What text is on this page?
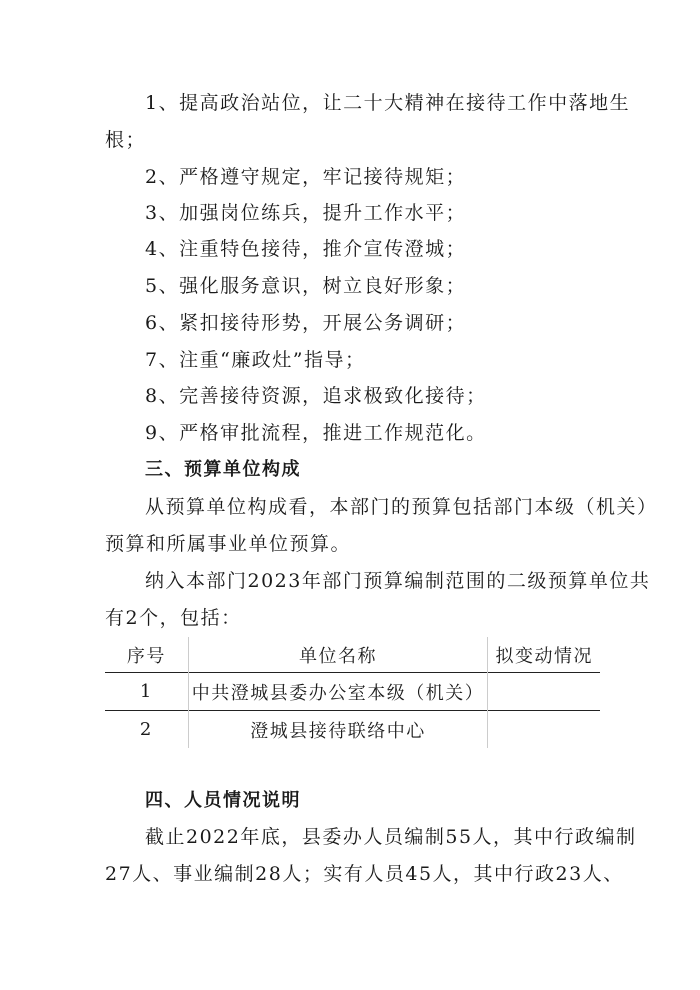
1、提高政治站位，让二十大精神在接待工作中落地生
根；
2、严格遵守规定，牢记接待规矩；
3、加强岗位练兵，提升工作水平；
4、注重特色接待，推介宣传澄城；
5、强化服务意识，树立良好形象；
6、紧扣接待形势，开展公务调研；
7、注重“廉政灶”指导；
8、完善接待资源，追求极致化接待；
9、严格审批流程，推进工作规范化。
三、预算单位构成
从预算单位构成看，本部门的预算包括部门本级（机关）
预算和所属事业单位预算。
纳入本部门2023年部门预算编制范围的二级预算单位共
有2个，包括：
序号	单位名称	拟变动情况
1	中共澄城县委办公室本级（机关）	
2	澄城县接待联络中心	
四、人员情况说明
截止2022年底，县委办人员编制55人，其中行政编制
27人、事业编制28人；实有人员45人，其中行政23人、
